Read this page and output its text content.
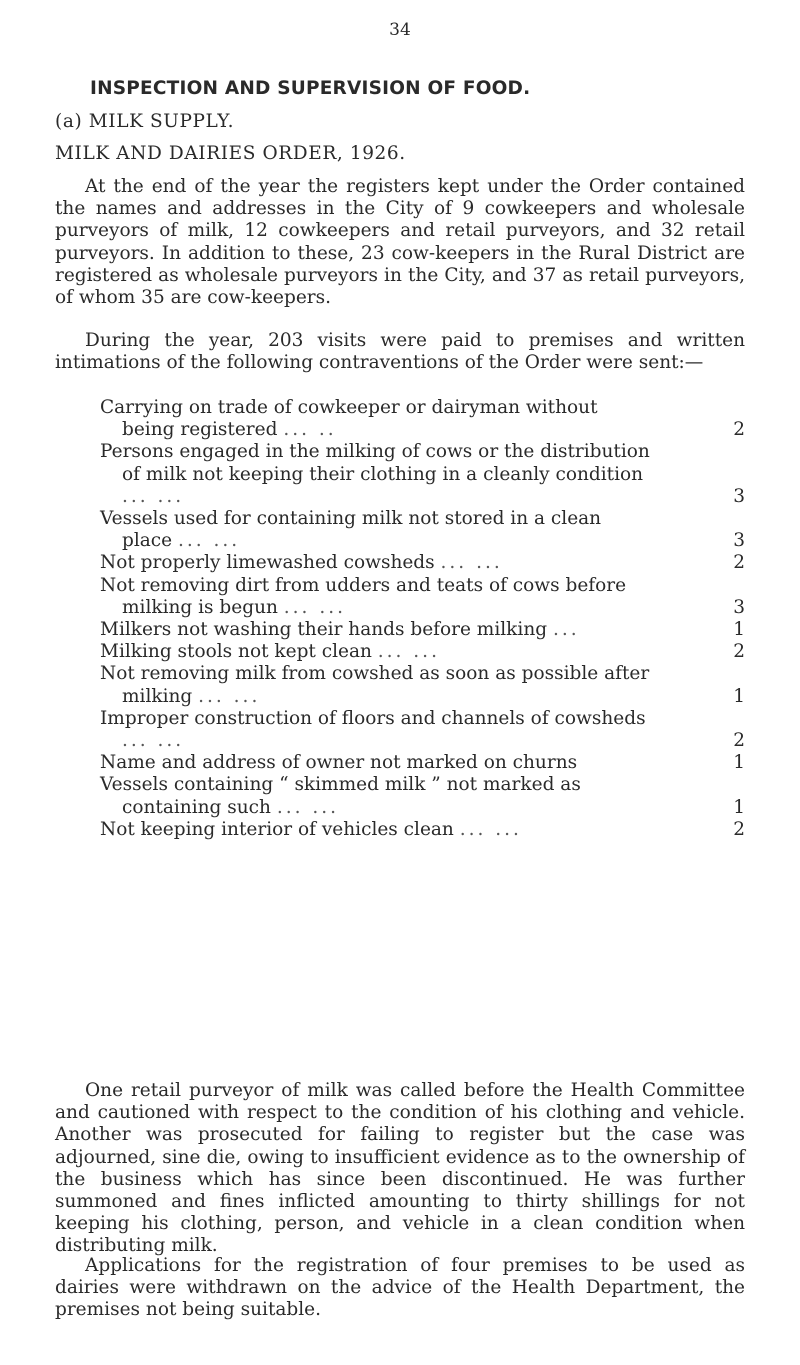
34
INSPECTION AND SUPERVISION OF FOOD.
(a) MILK SUPPLY.
MILK AND DAIRIES ORDER, 1926.

At the end of the year the registers kept under the Order contained the names and addresses in the City of 9 cowkeepers and wholesale purveyors of milk, 12 cowkeepers and retail purveyors, and 32 retail purveyors. In addition to these, 23 cow-keepers in the Rural District are registered as wholesale purveyors in the City, and 37 as retail purveyors, of whom 35 are cow-keepers.

During the year, 203 visits were paid to premises and written intimations of the following contraventions of the Order were sent:—

Carrying on trade of cowkeeper or dairyman without being registered ... ..	2
Persons engaged in the milking of cows or the distribution of milk not keeping their clothing in a cleanly condition ... ...	3
Vessels used for containing milk not stored in a clean place ... ...	3
Not properly limewashed cowsheds ... ...	2
Not removing dirt from udders and teats of cows before milking is begun ... ...	3
Milkers not washing their hands before milking ...	1
Milking stools not kept clean ... ...	2
Not removing milk from cowshed as soon as possible after milking ... ...	1
Improper construction of floors and channels of cowsheds ... ...	2
Name and address of owner not marked on churns	1
Vessels containing “ skimmed milk ” not marked as containing such ... ...	1
Not keeping interior of vehicles clean ... ...	2

One retail purveyor of milk was called before the Health Committee and cautioned with respect to the condition of his clothing and vehicle. Another was prosecuted for failing to register but the case was adjourned, sine die, owing to insufficient evidence as to the ownership of the business which has since been discontinued. He was further summoned and fines inflicted amounting to thirty shillings for not keeping his clothing, person, and vehicle in a clean condition when distributing milk.

Applications for the registration of four premises to be used as dairies were withdrawn on the advice of the Health Department, the premises not being suitable.
